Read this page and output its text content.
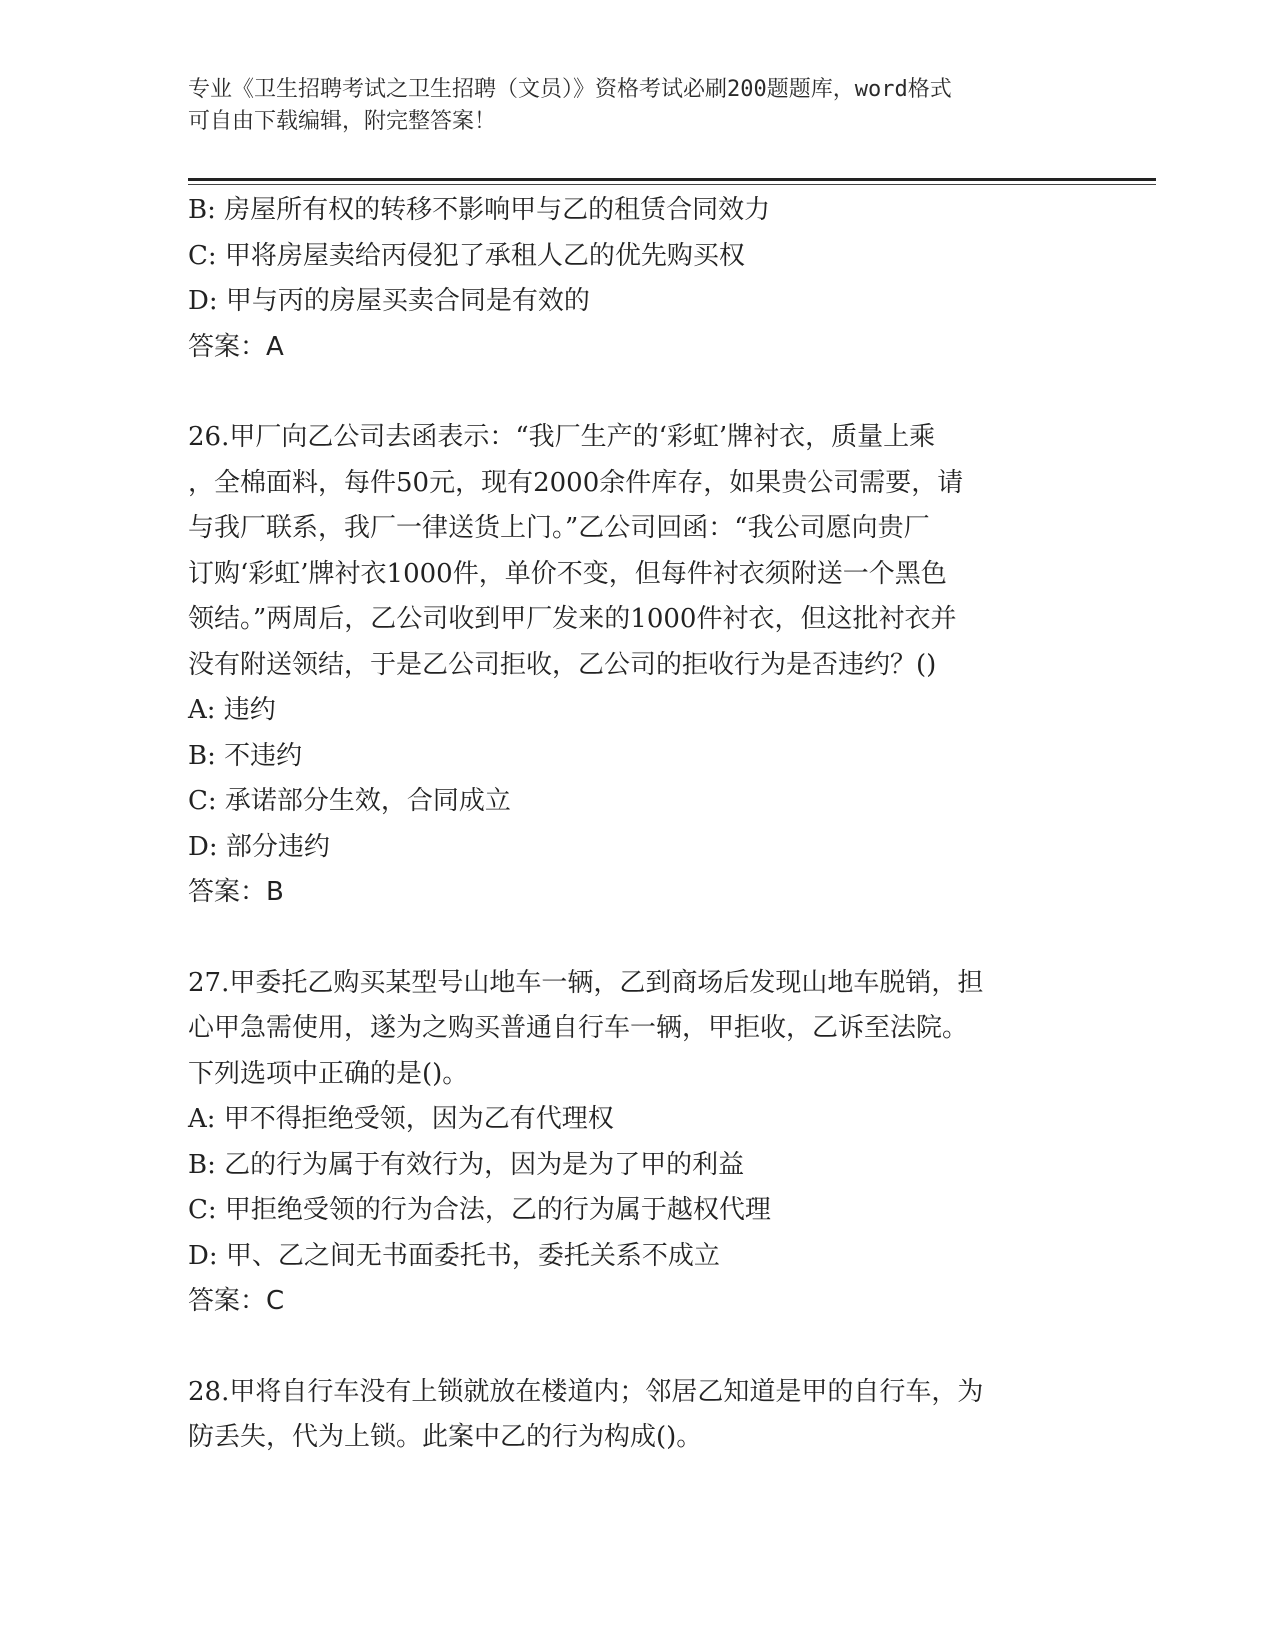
专业《卫生招聘考试之卫生招聘（文员）》资格考试必刷200题题库，word格式
可自由下载编辑，附完整答案！
B: 房屋所有权的转移不影响甲与乙的租赁合同效力
C: 甲将房屋卖给丙侵犯了承租人乙的优先购买权
D: 甲与丙的房屋买卖合同是有效的
答案：A
26.甲厂向乙公司去函表示：“我厂生产的‘彩虹’牌衬衣，质量上乘
，全棉面料，每件50元，现有2000余件库存，如果贵公司需要，请
与我厂联系，我厂一律送货上门。”乙公司回函：“我公司愿向贵厂
订购‘彩虹’牌衬衣1000件，单价不变，但每件衬衣须附送一个黑色
领结。”两周后，乙公司收到甲厂发来的1000件衬衣，但这批衬衣并
没有附送领结，于是乙公司拒收，乙公司的拒收行为是否违约？()
A: 违约
B: 不违约
C: 承诺部分生效，合同成立
D: 部分违约
答案：B
27.甲委托乙购买某型号山地车一辆，乙到商场后发现山地车脱销，担
心甲急需使用，遂为之购买普通自行车一辆，甲拒收，乙诉至法院。
下列选项中正确的是()。
A: 甲不得拒绝受领，因为乙有代理权
B: 乙的行为属于有效行为，因为是为了甲的利益
C: 甲拒绝受领的行为合法，乙的行为属于越权代理
D: 甲、乙之间无书面委托书，委托关系不成立
答案：C
28.甲将自行车没有上锁就放在楼道内；邻居乙知道是甲的自行车，为
防丢失，代为上锁。此案中乙的行为构成()。
